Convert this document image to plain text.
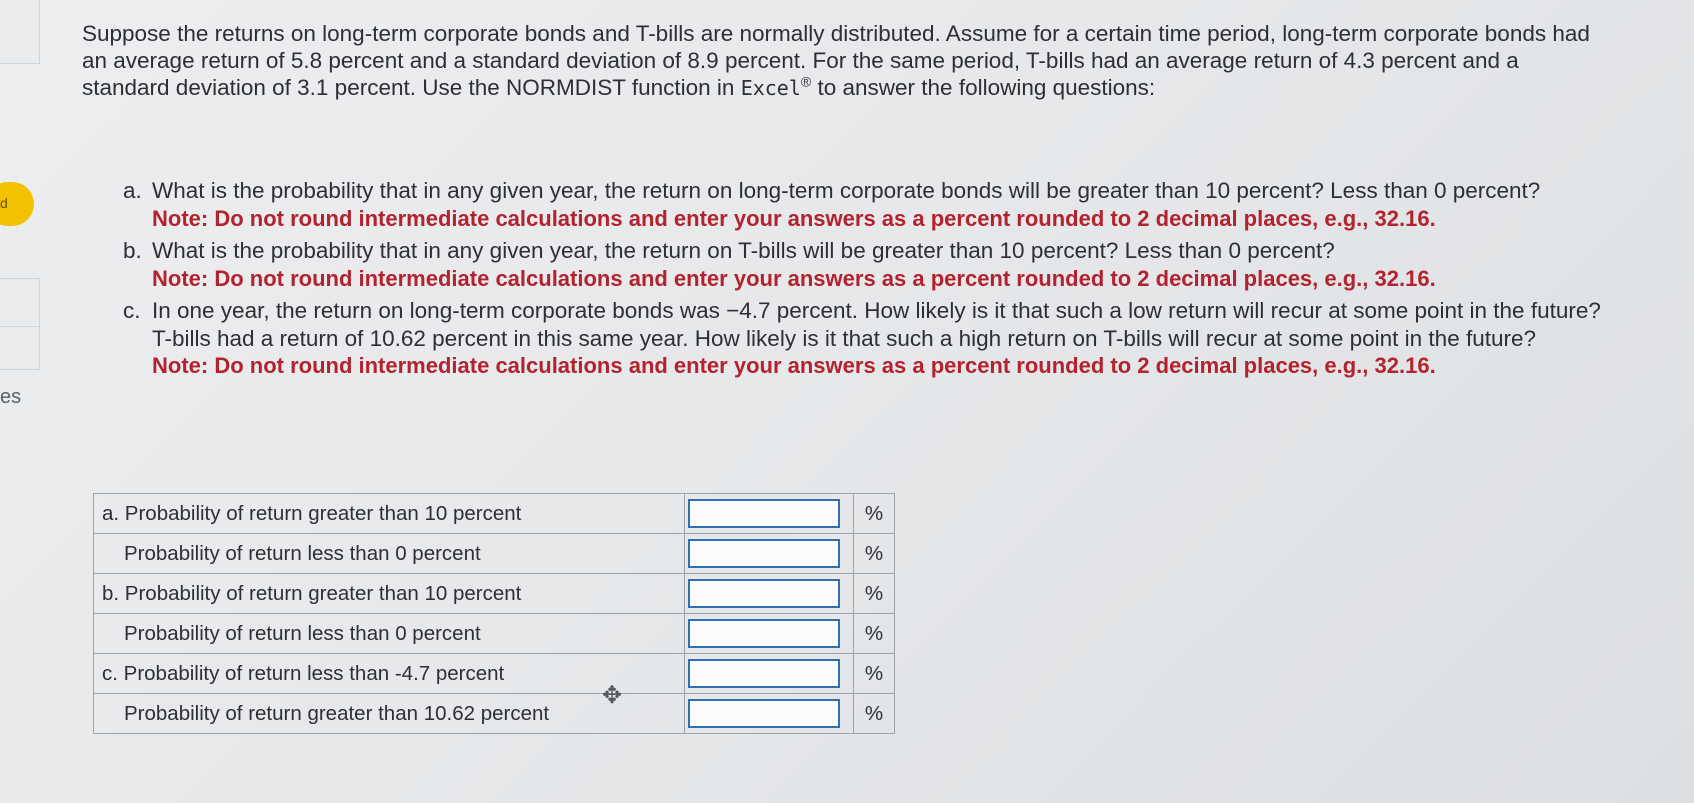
d
es

Suppose the returns on long-term corporate bonds and T-bills are normally distributed. Assume for a certain time period, long-term corporate bonds had an average return of 5.8 percent and a standard deviation of 8.9 percent. For the same period, T-bills had an average return of 4.3 percent and a standard deviation of 3.1 percent. Use the NORMDIST function in Excel® to answer the following questions:

a. What is the probability that in any given year, the return on long-term corporate bonds will be greater than 10 percent? Less than 0 percent?
Note: Do not round intermediate calculations and enter your answers as a percent rounded to 2 decimal places, e.g., 32.16.
b. What is the probability that in any given year, the return on T-bills will be greater than 10 percent? Less than 0 percent?
Note: Do not round intermediate calculations and enter your answers as a percent rounded to 2 decimal places, e.g., 32.16.
c. In one year, the return on long-term corporate bonds was −4.7 percent. How likely is it that such a low return will recur at some point in the future? T-bills had a return of 10.62 percent in this same year. How likely is it that such a high return on T-bills will recur at some point in the future?
Note: Do not round intermediate calculations and enter your answers as a percent rounded to 2 decimal places, e.g., 32.16.
a. Probability of return greater than 10 percent		%
Probability of return less than 0 percent		%
b. Probability of return greater than 10 percent		%
Probability of return less than 0 percent		%
c. Probability of return less than -4.7 percent		%
Probability of return greater than 10.62 percent		%
✥
